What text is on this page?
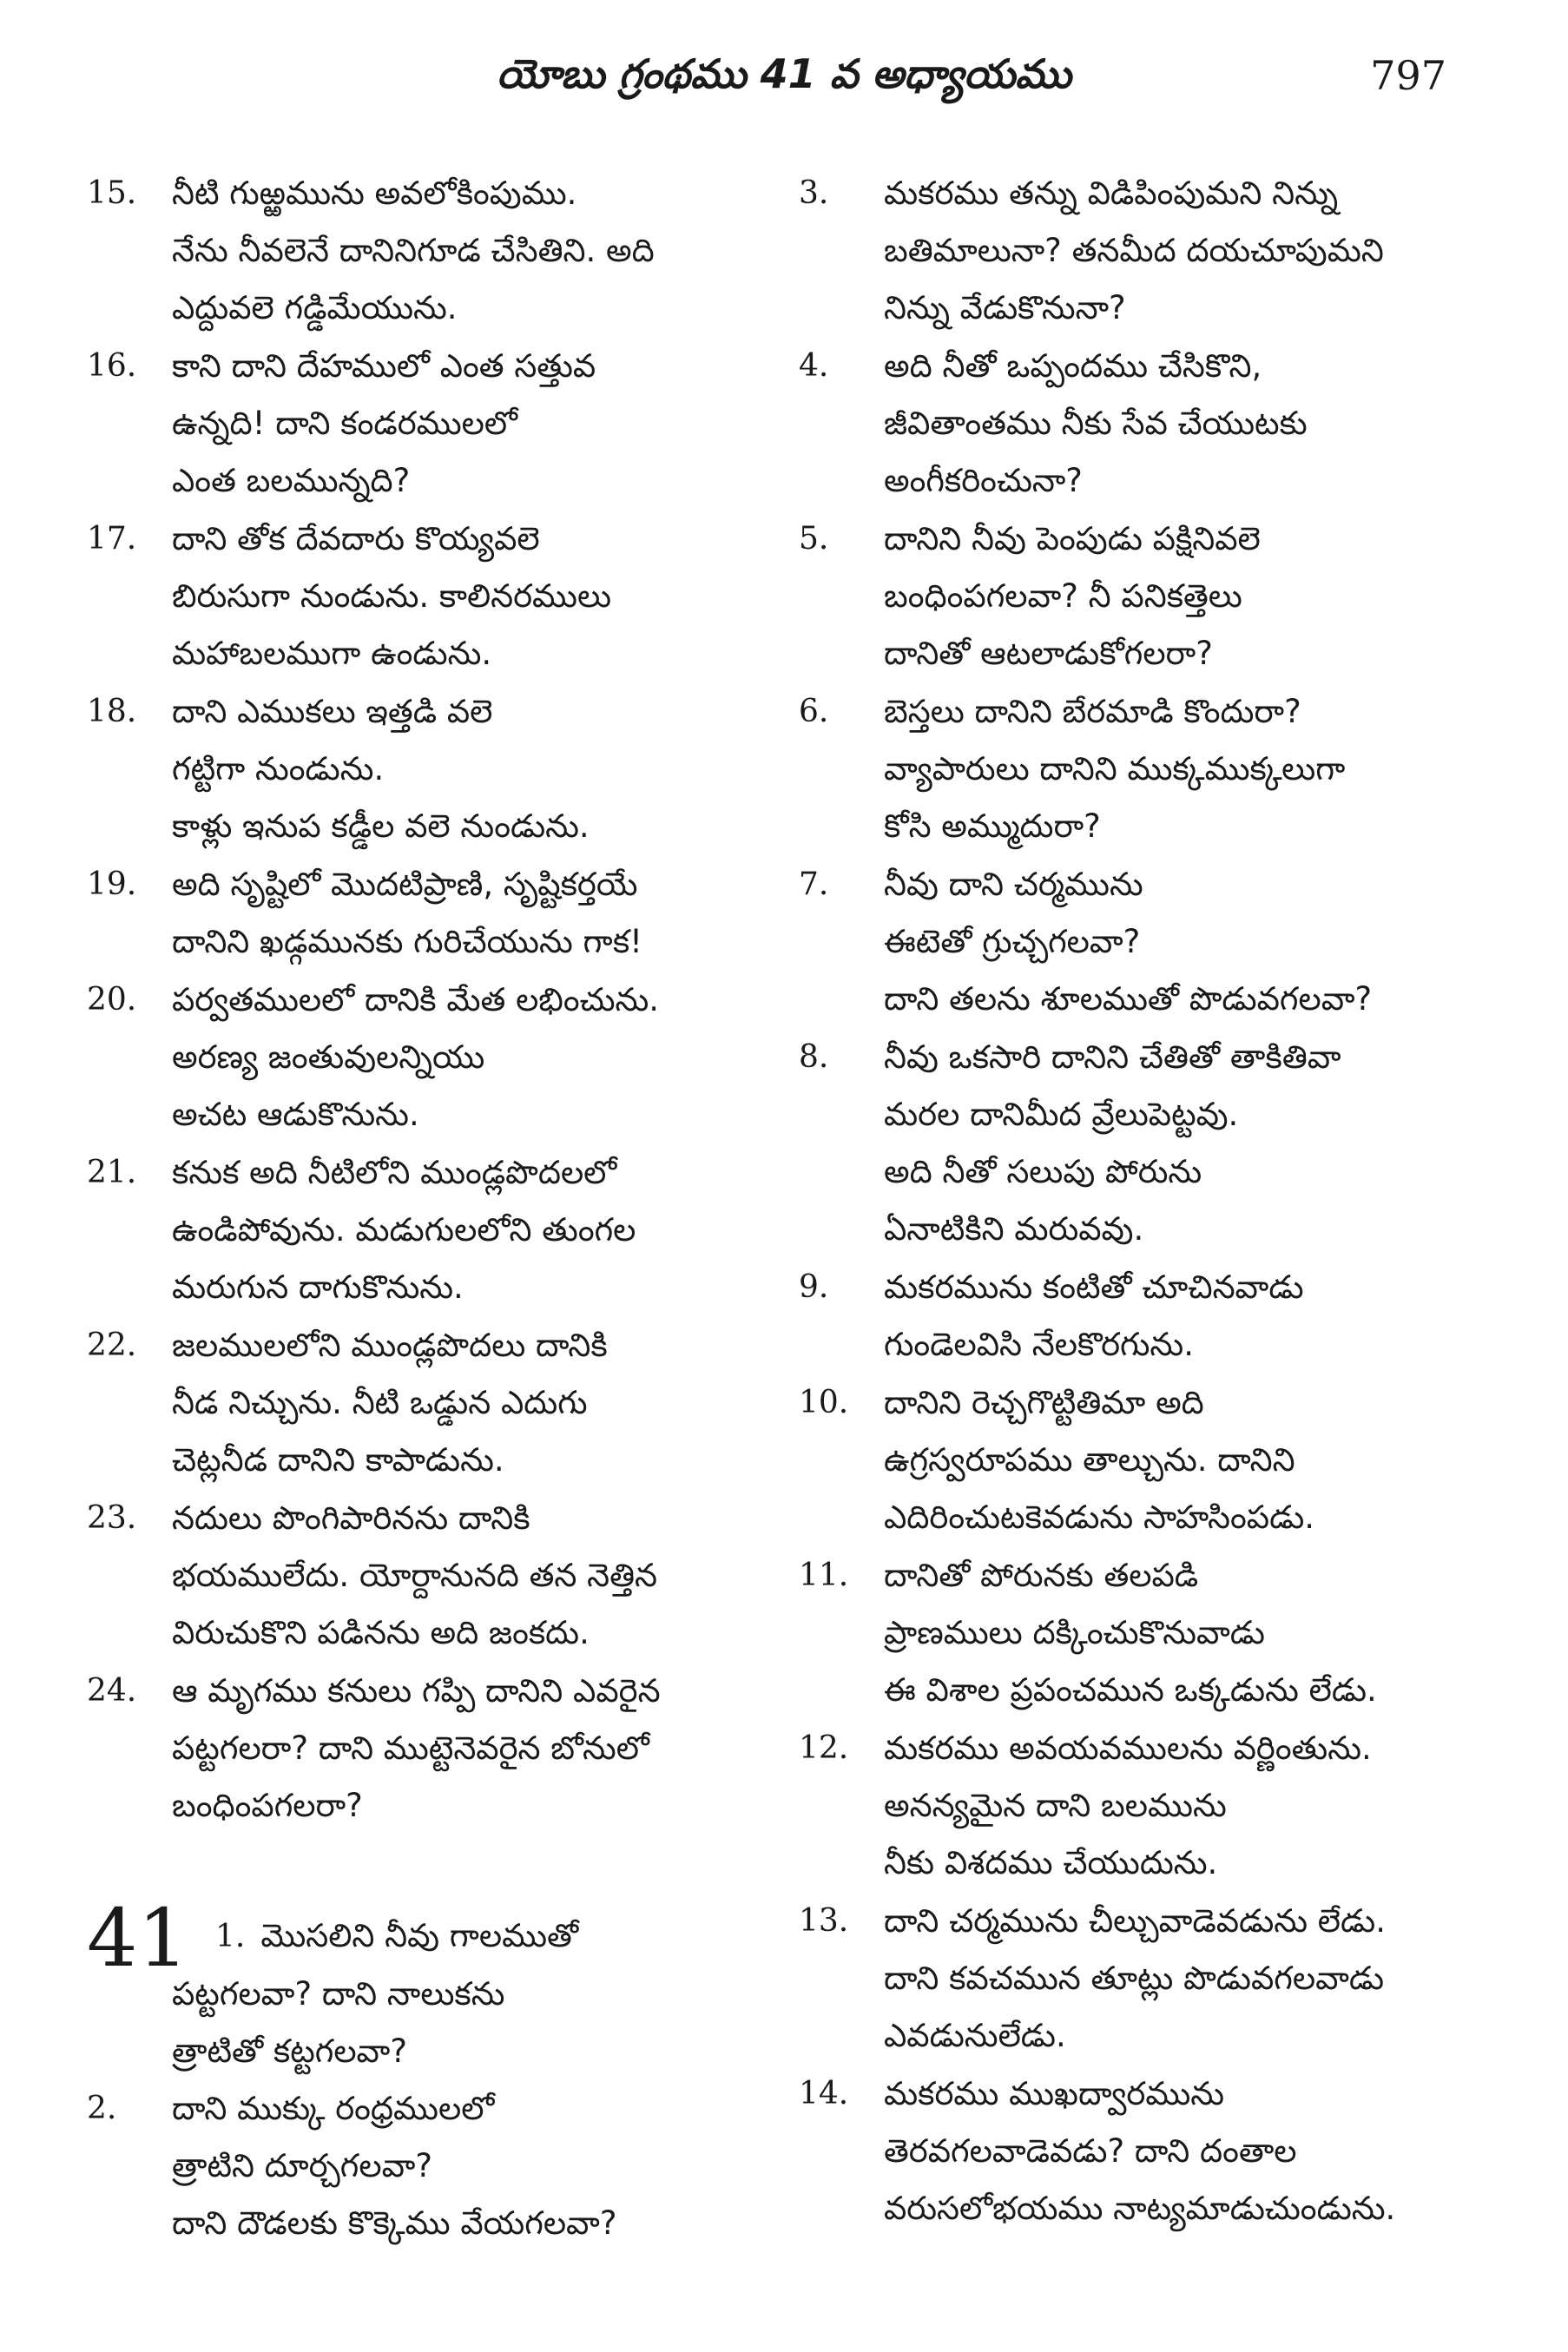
యోబు గ్రంథము 41 వ అధ్యాయము	797
15. నీటి గుఱ్ఱమును అవలోకింపుము.
నేను నీవలెనే దానినిగూడ చేసితిని. అది
ఎద్దువలె గడ్డిమేయును.
16. కాని దాని దేహములో ఎంత సత్తువ
ఉన్నది! దాని కండరములలో
ఎంత బలమున్నది?
17. దాని తోక దేవదారు కొయ్యవలె
బిరుసుగా నుండును. కాలినరములు
మహాబలముగా ఉండును.
18. దాని ఎముకలు ఇత్తడి వలె
గట్టిగా నుండును.
కాళ్లు ఇనుప కడ్డీల వలె నుండును.
19. అది సృష్టిలో మొదటిప్రాణి, సృష్టికర్తయే
దానిని ఖడ్గమునకు గురిచేయును గాక!
20. పర్వతములలో దానికి మేత లభించును.
అరణ్య జంతువులన్నియు
అచట ఆడుకొనును.
21. కనుక అది నీటిలోని ముండ్లపొదలలో
ఉండిపోవును. మడుగులలోని తుంగల
మరుగున దాగుకొనును.
22. జలములలోని ముండ్లపొదలు దానికి
నీడ నిచ్చును. నీటి ఒడ్డున ఎదుగు
చెట్లనీడ దానిని కాపాడును.
23. నదులు పొంగిపారినను దానికి
భయములేదు. యోర్దానునది తన నెత్తిన
విరుచుకొని పడినను అది జంకదు.
24. ఆ మృగము కనులు గప్పి దానిని ఎవరైన
పట్టగలరా? దాని ముట్టెనెవరైన బోనులో
బంధింపగలరా?
41 1. మొసలిని నీవు గాలముతో
పట్టగలవా? దాని నాలుకను
త్రాటితో కట్టగలవా?
2. దాని ముక్కు రంధ్రములలో
త్రాటిని దూర్చగలవా?
దాని దౌడలకు కొక్కెము వేయగలవా?
3. మకరము తన్ను విడిపింపుమని నిన్ను
బతిమాలునా? తనమీద దయచూపుమని
నిన్ను వేడుకొనునా?
4. అది నీతో ఒప్పందము చేసికొని,
జీవితాంతము నీకు సేవ చేయుటకు
అంగీకరించునా?
5. దానిని నీవు పెంపుడు పక్షినివలె
బంధింపగలవా? నీ పనికత్తెలు
దానితో ఆటలాడుకోగలరా?
6. బెస్తలు దానిని బేరమాడి కొందురా?
వ్యాపారులు దానిని ముక్కముక్కలుగా
కోసి అమ్ముదురా?
7. నీవు దాని చర్మమును
ఈటెతో గ్రుచ్చగలవా?
దాని తలను శూలముతో పొడువగలవా?
8. నీవు ఒకసారి దానిని చేతితో తాకితివా
మరల దానిమీద వ్రేలుపెట్టవు.
అది నీతో సలుపు పోరును
ఏనాటికిని మరువవు.
9. మకరమును కంటితో చూచినవాడు
గుండెలవిసి నేలకొరగును.
10. దానిని రెచ్చగొట్టితిమా అది
ఉగ్రస్వరూపము తాల్చును. దానిని
ఎదిరించుటకెవడును సాహసింపడు.
11. దానితో పోరునకు తలపడి
ప్రాణములు దక్కించుకొనువాడు
ఈ విశాల ప్రపంచమున ఒక్కడును లేడు.
12. మకరము అవయవములను వర్ణింతును.
అనన్యమైన దాని బలమును
నీకు విశదము చేయుదును.
13. దాని చర్మమును చీల్చువాడెవడును లేడు.
దాని కవచమున తూట్లు పొడువగలవాడు
ఎవడునులేడు.
14. మకరము ముఖద్వారమును
తెరవగలవాడెవడు? దాని దంతాల
వరుసలోభయము నాట్యమాడుచుండును.
